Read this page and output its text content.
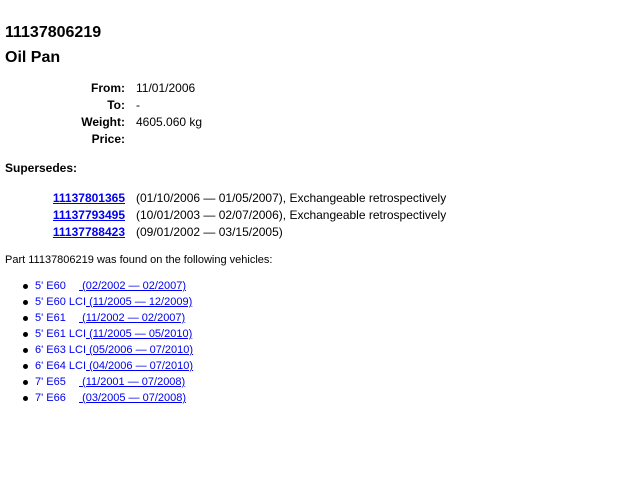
11137806219
Oil Pan
From: 11/01/2006
To: -
Weight: 4605.060 kg
Price:
Supersedes:
11137801365 (01/10/2006 — 01/05/2007), Exchangeable retrospectively
11137793495 (10/01/2003 — 02/07/2006), Exchangeable retrospectively
11137788423 (09/01/2002 — 03/15/2005)
Part 11137806219 was found on the following vehicles:
5' E60 (02/2002 — 02/2007)
5' E60 LCI (11/2005 — 12/2009)
5' E61 (11/2002 — 02/2007)
5' E61 LCI (11/2005 — 05/2010)
6' E63 LCI (05/2006 — 07/2010)
6' E64 LCI (04/2006 — 07/2010)
7' E65 (11/2001 — 07/2008)
7' E66 (03/2005 — 07/2008)
